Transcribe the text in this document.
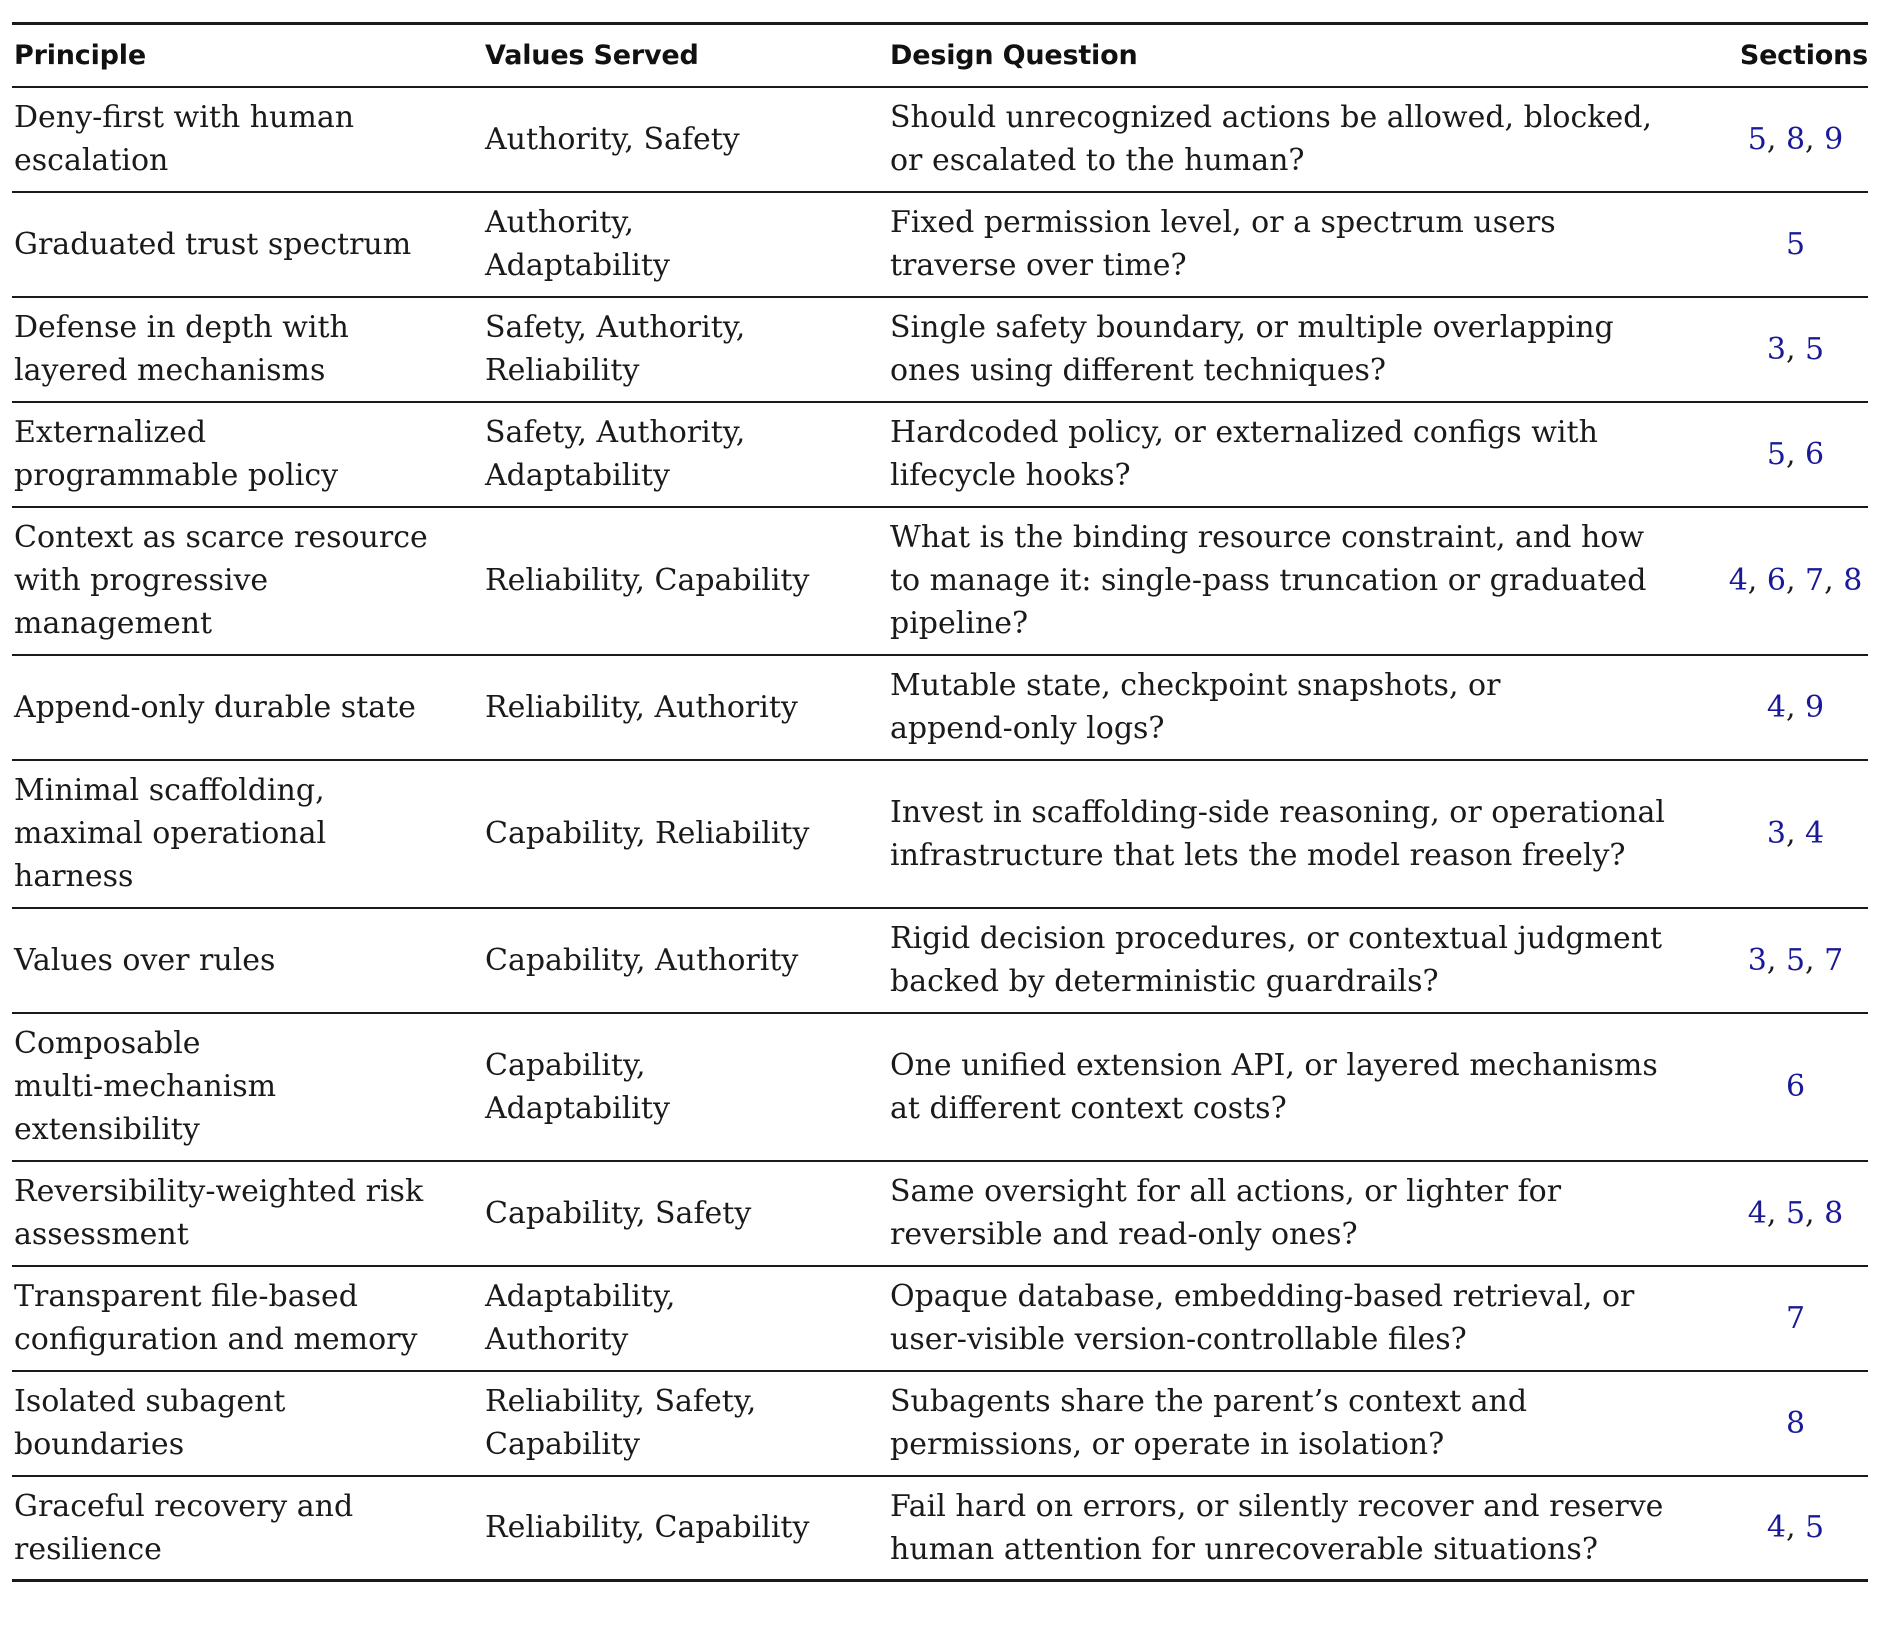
Principle	Values Served	Design Question	Sections
Deny-first with human
escalation	Authority, Safety	Should unrecognized actions be allowed, blocked,
or escalated to the human?	5, 8, 9
Graduated trust spectrum	Authority,
Adaptability	Fixed permission level, or a spectrum users
traverse over time?	5
Defense in depth with
layered mechanisms	Safety, Authority,
Reliability	Single safety boundary, or multiple overlapping
ones using different techniques?	3, 5
Externalized
programmable policy	Safety, Authority,
Adaptability	Hardcoded policy, or externalized configs with
lifecycle hooks?	5, 6
Context as scarce resource
with progressive
management	Reliability, Capability	What is the binding resource constraint, and how
to manage it: single-pass truncation or graduated
pipeline?	4, 6, 7, 8
Append-only durable state	Reliability, Authority	Mutable state, checkpoint snapshots, or
append-only logs?	4, 9
Minimal scaffolding,
maximal operational
harness	Capability, Reliability	Invest in scaffolding-side reasoning, or operational
infrastructure that lets the model reason freely?	3, 4
Values over rules	Capability, Authority	Rigid decision procedures, or contextual judgment
backed by deterministic guardrails?	3, 5, 7
Composable
multi-mechanism
extensibility	Capability,
Adaptability	One unified extension API, or layered mechanisms
at different context costs?	6
Reversibility-weighted risk
assessment	Capability, Safety	Same oversight for all actions, or lighter for
reversible and read-only ones?	4, 5, 8
Transparent file-based
configuration and memory	Adaptability,
Authority	Opaque database, embedding-based retrieval, or
user-visible version-controllable files?	7
Isolated subagent
boundaries	Reliability, Safety,
Capability	Subagents share the parent’s context and
permissions, or operate in isolation?	8
Graceful recovery and
resilience	Reliability, Capability	Fail hard on errors, or silently recover and reserve
human attention for unrecoverable situations?	4, 5
